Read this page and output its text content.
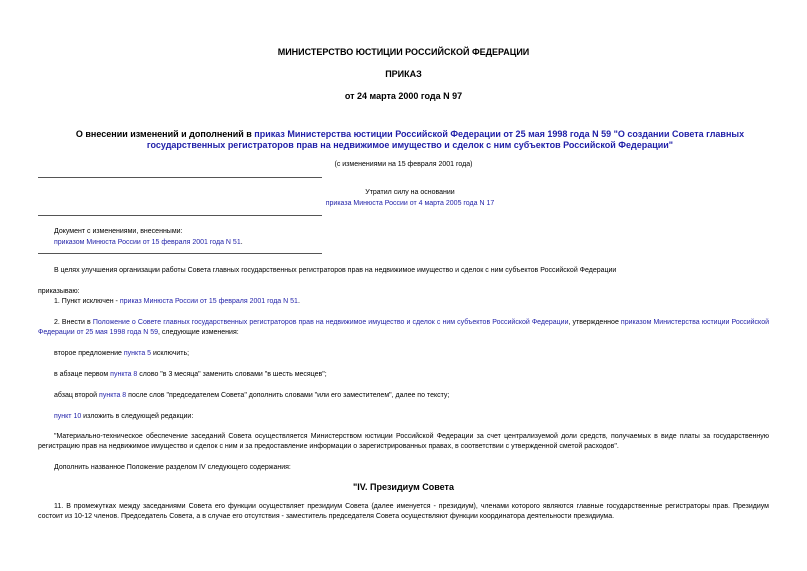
МИНИСТЕРСТВО ЮСТИЦИИ РОССИЙСКОЙ ФЕДЕРАЦИИ
ПРИКАЗ
от 24 марта 2000 года N 97
О внесении изменений и дополнений в приказ Министерства юстиции Российской Федерации от 25 мая 1998 года N 59 "О создании Совета главных государственных регистраторов прав на недвижимое имущество и сделок с ним субъектов Российской Федерации"
(с изменениями на 15 февраля 2001 года)
Утратил силу на основании
приказа Минюста России от 4 марта 2005 года N 17
Документ с изменениями, внесенными:
приказом Минюста России от 15 февраля 2001 года N 51.
В целях улучшения организации работы Совета главных государственных регистраторов прав на недвижимое имущество и сделок с ним субъектов Российской Федерации
приказываю:
1. Пункт исключен - приказ Минюста России от 15 февраля 2001 года N 51.
2. Внести в Положение о Совете главных государственных регистраторов прав на недвижимое имущество и сделок с ним субъектов Российской Федерации, утвержденное приказом Министерства юстиции Российской Федерации от 25 мая 1998 года N 59, следующие изменения:
второе предложение пункта 5 исключить;
в абзаце первом пункта 8 слово "в 3 месяца" заменить словами "в шесть месяцев";
абзац второй пункта 8 после слов "председателем Совета" дополнить словами "или его заместителем", далее по тексту;
пункт 10 изложить в следующей редакции:
"Материально-техническое обеспечение заседаний Совета осуществляется Министерством юстиции Российской Федерации за счет централизуемой доли средств, получаемых в виде платы за государственную регистрацию прав на недвижимое имущество и сделок с ним и за предоставление информации о зарегистрированных правах, в соответствии с утвержденной сметой расходов".
Дополнить названное Положение разделом IV следующего содержания:
"IV. Президиум Совета
11. В промежутках между заседаниями Совета его функции осуществляет президиум Совета (далее именуется - президиум), членами которого являются главные государственные регистраторы прав. Президиум состоит из 10-12 членов. Председатель Совета, а в случае его отсутствия - заместитель председателя Совета осуществляют функции координатора деятельности президиума.
